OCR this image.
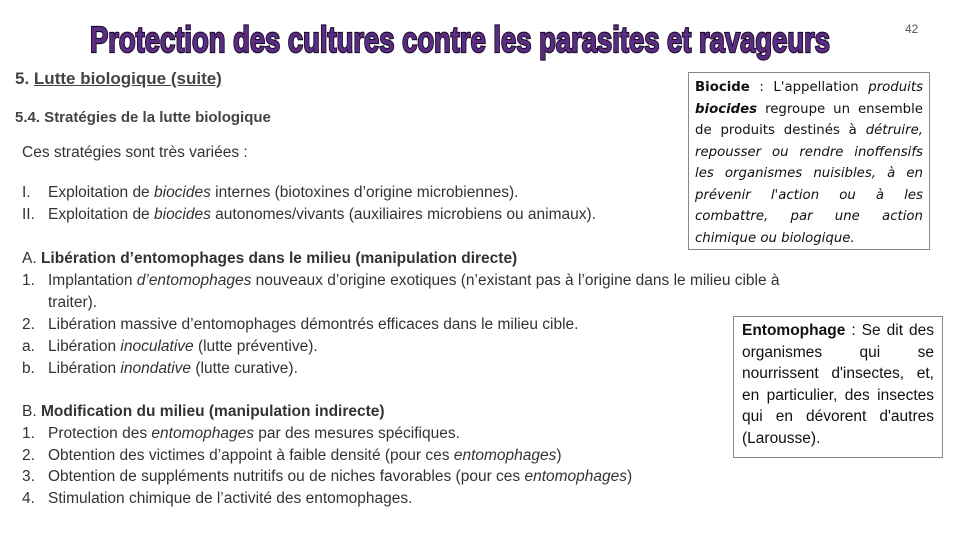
Protection des cultures contre les parasites et ravageurs	42
5. Lutte biologique (suite)
5.4. Stratégies de la lutte biologique
Ces stratégies sont très variées :
I. Exploitation de biocides internes (biotoxines d’origine microbiennes).
II. Exploitation de biocides autonomes/vivants (auxiliaires microbiens ou animaux).
A. Libération d’entomophages dans le milieu (manipulation directe)
1. Implantation d’entomophages nouveaux d’origine exotiques (n’existant pas à l’origine dans le milieu cible à
traiter).
2. Libération massive d’entomophages démontrés efficaces dans le milieu cible.
a. Libération inoculative (lutte préventive).
b. Libération inondative (lutte curative).
B. Modification du milieu (manipulation indirecte)
1. Protection des entomophages par des mesures spécifiques.
2. Obtention des victimes d’appoint à faible densité (pour ces entomophages)
3. Obtention de suppléments nutritifs ou de niches favorables (pour ces entomophages)
4. Stimulation chimique de l’activité des entomophages.
Biocide : L'appellation produits biocides regroupe un ensemble de produits destinés à détruire, repousser ou rendre inoffensifs les organismes nuisibles, à en prévenir l'action ou à les combattre, par une action chimique ou biologique.
Entomophage : Se dit des organismes qui se nourrissent d'insectes, et, en particulier, des insectes qui en dévorent d'autres (Larousse).
